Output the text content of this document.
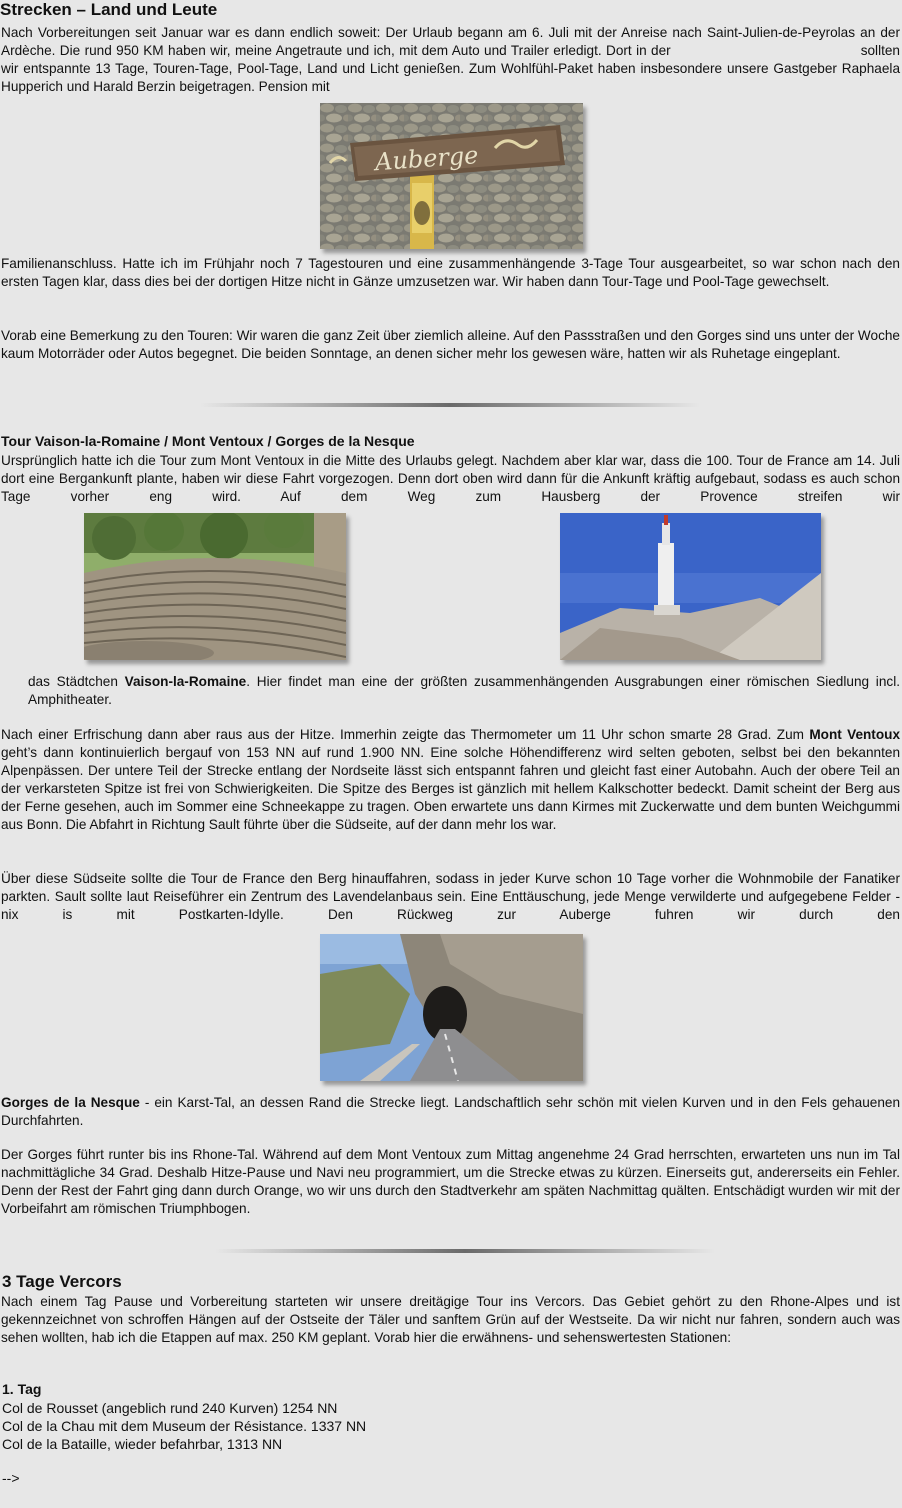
Strecken – Land und Leute

Nach Vorbereitungen seit Januar war es dann endlich soweit: Der Urlaub begann am 6. Juli mit der Anreise nach Saint-Julien-de-Peyrolas an der Ardèche. Die rund 950 KM haben wir, meine Angetraute und ich, mit dem Auto und Trailer erledigt. Dort in der	sollten wir entspannte 13 Tage, Touren-Tage, Pool-Tage, Land und Licht genießen. Zum Wohlfühl-Paket haben insbesondere unsere Gastgeber Raphaela Hupperich und Harald Berzin beigetragen. Pension mit

Auberge

Familienanschluss. Hatte ich im Frühjahr noch 7 Tagestouren und eine zusammenhängende 3-Tage Tour ausgearbeitet, so war schon nach den ersten Tagen klar, dass dies bei der dortigen Hitze nicht in Gänze umzusetzen war. Wir haben dann Tour-Tage und Pool-Tage gewechselt.

Vorab eine Bemerkung zu den Touren: Wir waren die ganz Zeit über ziemlich alleine. Auf den Passstraßen und den Gorges sind uns unter der Woche kaum Motorräder oder Autos begegnet. Die beiden Sonntage, an denen sicher mehr los gewesen wäre, hatten wir als Ruhetage eingeplant.

Tour Vaison-la-Romaine / Mont Ventoux / Gorges de la Nesque

Ursprünglich hatte ich die Tour zum Mont Ventoux in die Mitte des Urlaubs gelegt. Nachdem aber klar war, dass die 100. Tour de France am 14. Juli dort eine Bergankunft plante, haben wir diese Fahrt vorgezogen. Denn dort oben wird dann für die Ankunft kräftig aufgebaut, sodass es auch schon Tage vorher eng wird. Auf dem Weg zum Hausberg der Provence streifen wir

das Städtchen Vaison-la-Romaine. Hier findet man eine der größten zusammenhängenden Ausgrabungen einer römischen Siedlung incl. Amphitheater.

Nach einer Erfrischung dann aber raus aus der Hitze. Immerhin zeigte das Thermometer um 11 Uhr schon smarte 28 Grad. Zum Mont Ventoux geht’s dann kontinuierlich bergauf von 153 NN auf rund 1.900 NN. Eine solche Höhendifferenz wird selten geboten, selbst bei den bekannten Alpenpässen. Der untere Teil der Strecke entlang der Nordseite lässt sich entspannt fahren und gleicht fast einer Autobahn. Auch der obere Teil an der verkarsteten Spitze ist frei von Schwierigkeiten. Die Spitze des Berges ist gänzlich mit hellem Kalkschotter bedeckt. Damit scheint der Berg aus der Ferne gesehen, auch im Sommer eine Schneekappe zu tragen. Oben erwartete uns dann Kirmes mit Zuckerwatte und dem bunten Weichgummi aus Bonn. Die Abfahrt in Richtung Sault führte über die Südseite, auf der dann mehr los war.

Über diese Südseite sollte die Tour de France den Berg hinauffahren, sodass in jeder Kurve schon 10 Tage vorher die Wohnmobile der Fanatiker parkten. Sault sollte laut Reiseführer ein Zentrum des Lavendelanbaus sein. Eine Enttäuschung, jede Menge verwilderte und aufgegebene Felder - nix is mit Postkarten-Idylle. Den Rückweg zur Auberge fuhren wir durch den

Gorges de la Nesque - ein Karst-Tal, an dessen Rand die Strecke liegt. Landschaftlich sehr schön mit vielen Kurven und in den Fels gehauenen Durchfahrten.

Der Gorges führt runter bis ins Rhone-Tal. Während auf dem Mont Ventoux zum Mittag angenehme 24 Grad herrschten, erwarteten uns nun im Tal nachmittägliche 34 Grad. Deshalb Hitze-Pause und Navi neu programmiert, um die Strecke etwas zu kürzen. Einerseits gut, andererseits ein Fehler. Denn der Rest der Fahrt ging dann durch Orange, wo wir uns durch den Stadtverkehr am späten Nachmittag quälten. Entschädigt wurden wir mit der Vorbeifahrt am römischen Triumphbogen.

3 Tage Vercors

Nach einem Tag Pause und Vorbereitung starteten wir unsere dreitägige Tour ins Vercors. Das Gebiet gehört zu den Rhone-Alpes und ist gekennzeichnet von schroffen Hängen auf der Ostseite der Täler und sanftem Grün auf der Westseite. Da wir nicht nur fahren, sondern auch was sehen wollten, hab ich die Etappen auf max. 250 KM geplant. Vorab hier die erwähnens- und sehenswertesten Stationen:

1. Tag
Col de Rousset (angeblich rund 240 Kurven) 1254 NN
Col de la Chau mit dem Museum der Résistance. 1337 NN
Col de la Bataille, wieder befahrbar, 1313 NN
-->
